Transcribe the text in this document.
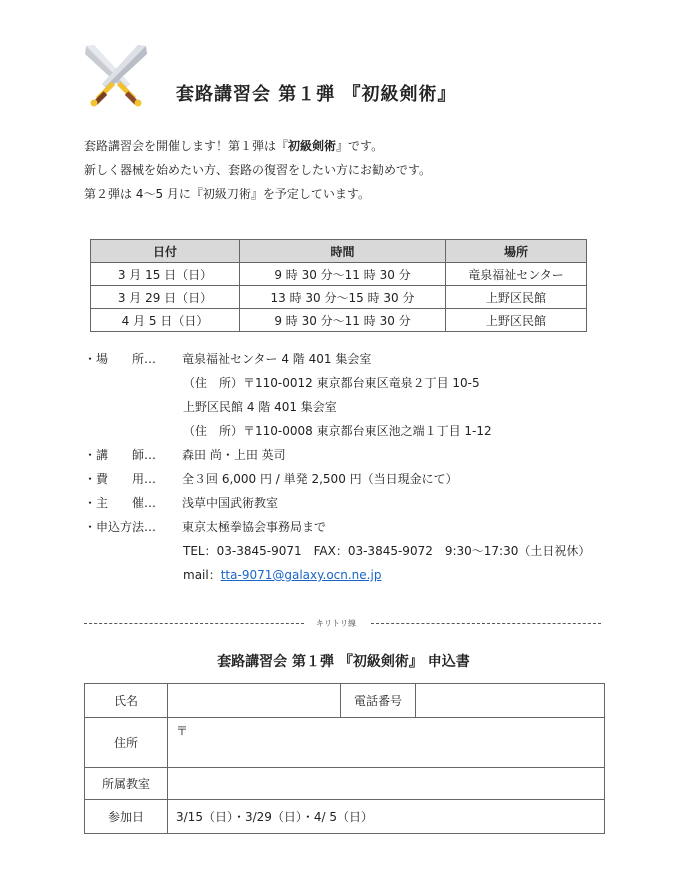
套路講習会 第１弾 『初級剣術』
套路講習会を開催します！第１弾は『初級剣術』です。
新しく器械を始めたい方、套路の復習をしたい方にお勧めです。
第２弾は 4〜5 月に『初級刀術』を予定しています。
日付	時間	場所
3 月 15 日（日）	9 時 30 分〜11 時 30 分	竜泉福祉センター
3 月 29 日（日）	13 時 30 分〜15 時 30 分	上野区民館
4 月 5 日（日）	9 時 30 分〜11 時 30 分	上野区民館
・場　　所… 竜泉福祉センター 4 階 401 集会室
（住　所）〒110-0012 東京都台東区竜泉２丁目 10-5
上野区民館 4 階 401 集会室
（住　所）〒110-0008 東京都台東区池之端１丁目 1-12
・講　　師… 森田 尚・上田 英司
・費　　用… 全３回 6,000 円 / 単発 2,500 円（当日現金にて）
・主　　催… 浅草中国武術教室
・申込方法… 東京太極拳協会事務局まで
TEL：03-3845-9071　FAX：03-3845-9072　9:30〜17:30（土日祝休）
mail：tta-9071@galaxy.ocn.ne.jp
キリトリ線
套路講習会 第１弾 『初級剣術』 申込書
氏名		電話番号	
住所	〒		
所属教室			
参加日	3/15（日）・3/29（日）・4/ 5（日）		
